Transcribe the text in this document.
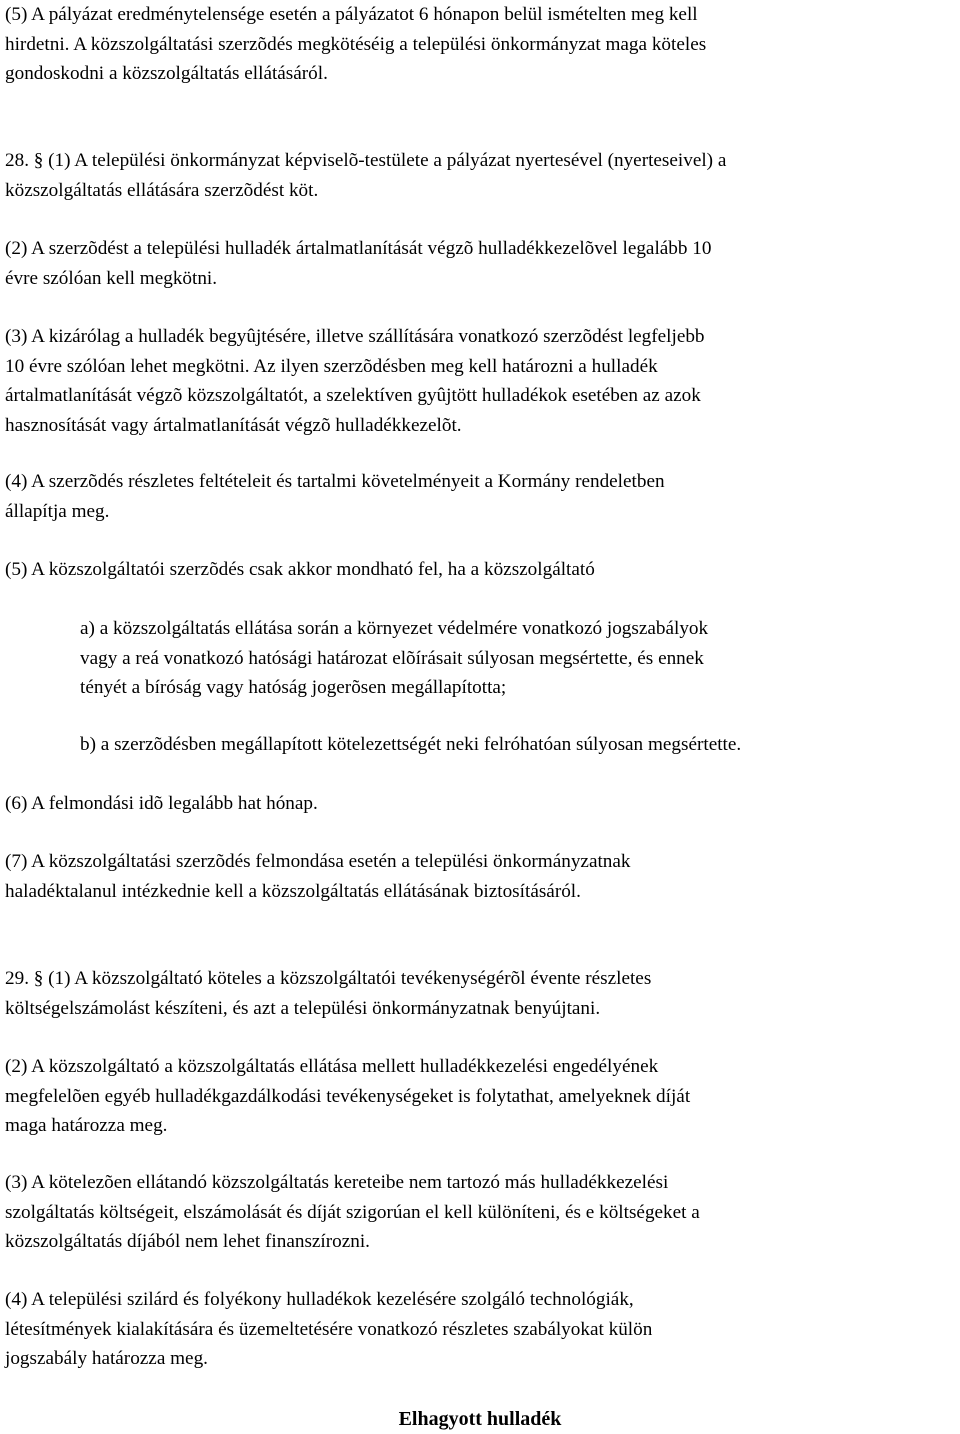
(5) A pályázat eredménytelensége esetén a pályázatot 6 hónapon belül ismételten meg kell
hirdetni. A közszolgáltatási szerzõdés megkötéséig a települési önkormányzat maga köteles
gondoskodni a közszolgáltatás ellátásáról.
28. § (1) A települési önkormányzat képviselõ-testülete a pályázat nyertesével (nyerteseivel) a
közszolgáltatás ellátására szerzõdést köt.
(2) A szerzõdést a települési hulladék ártalmatlanítását végzõ hulladékkezelõvel legalább 10
évre szólóan kell megkötni.
(3) A kizárólag a hulladék begyûjtésére, illetve szállítására vonatkozó szerzõdést legfeljebb
10 évre szólóan lehet megkötni. Az ilyen szerzõdésben meg kell határozni a hulladék
ártalmatlanítását végzõ közszolgáltatót, a szelektíven gyûjtött hulladékok esetében az azok
hasznosítását vagy ártalmatlanítását végzõ hulladékkezelõt.
(4) A szerzõdés részletes feltételeit és tartalmi követelményeit a Kormány rendeletben
állapítja meg.
(5) A közszolgáltatói szerzõdés csak akkor mondható fel, ha a közszolgáltató
a) a közszolgáltatás ellátása során a környezet védelmére vonatkozó jogszabályok
vagy a reá vonatkozó hatósági határozat elõírásait súlyosan megsértette, és ennek
tényét a bíróság vagy hatóság jogerõsen megállapította;
b) a szerzõdésben megállapított kötelezettségét neki felróhatóan súlyosan megsértette.
(6) A felmondási idõ legalább hat hónap.
(7) A közszolgáltatási szerzõdés felmondása esetén a települési önkormányzatnak
haladéktalanul intézkednie kell a közszolgáltatás ellátásának biztosításáról.
29. § (1) A közszolgáltató köteles a közszolgáltatói tevékenységérõl évente részletes
költségelszámolást készíteni, és azt a települési önkormányzatnak benyújtani.
(2) A közszolgáltató a közszolgáltatás ellátása mellett hulladékkezelési engedélyének
megfelelõen egyéb hulladékgazdálkodási tevékenységeket is folytathat, amelyeknek díját
maga határozza meg.
(3) A kötelezõen ellátandó közszolgáltatás kereteibe nem tartozó más hulladékkezelési
szolgáltatás költségeit, elszámolását és díját szigorúan el kell különíteni, és e költségeket a
közszolgáltatás díjából nem lehet finanszírozni.
(4) A települési szilárd és folyékony hulladékok kezelésére szolgáló technológiák,
létesítmények kialakítására és üzemeltetésére vonatkozó részletes szabályokat külön
jogszabály határozza meg.
Elhagyott hulladék
